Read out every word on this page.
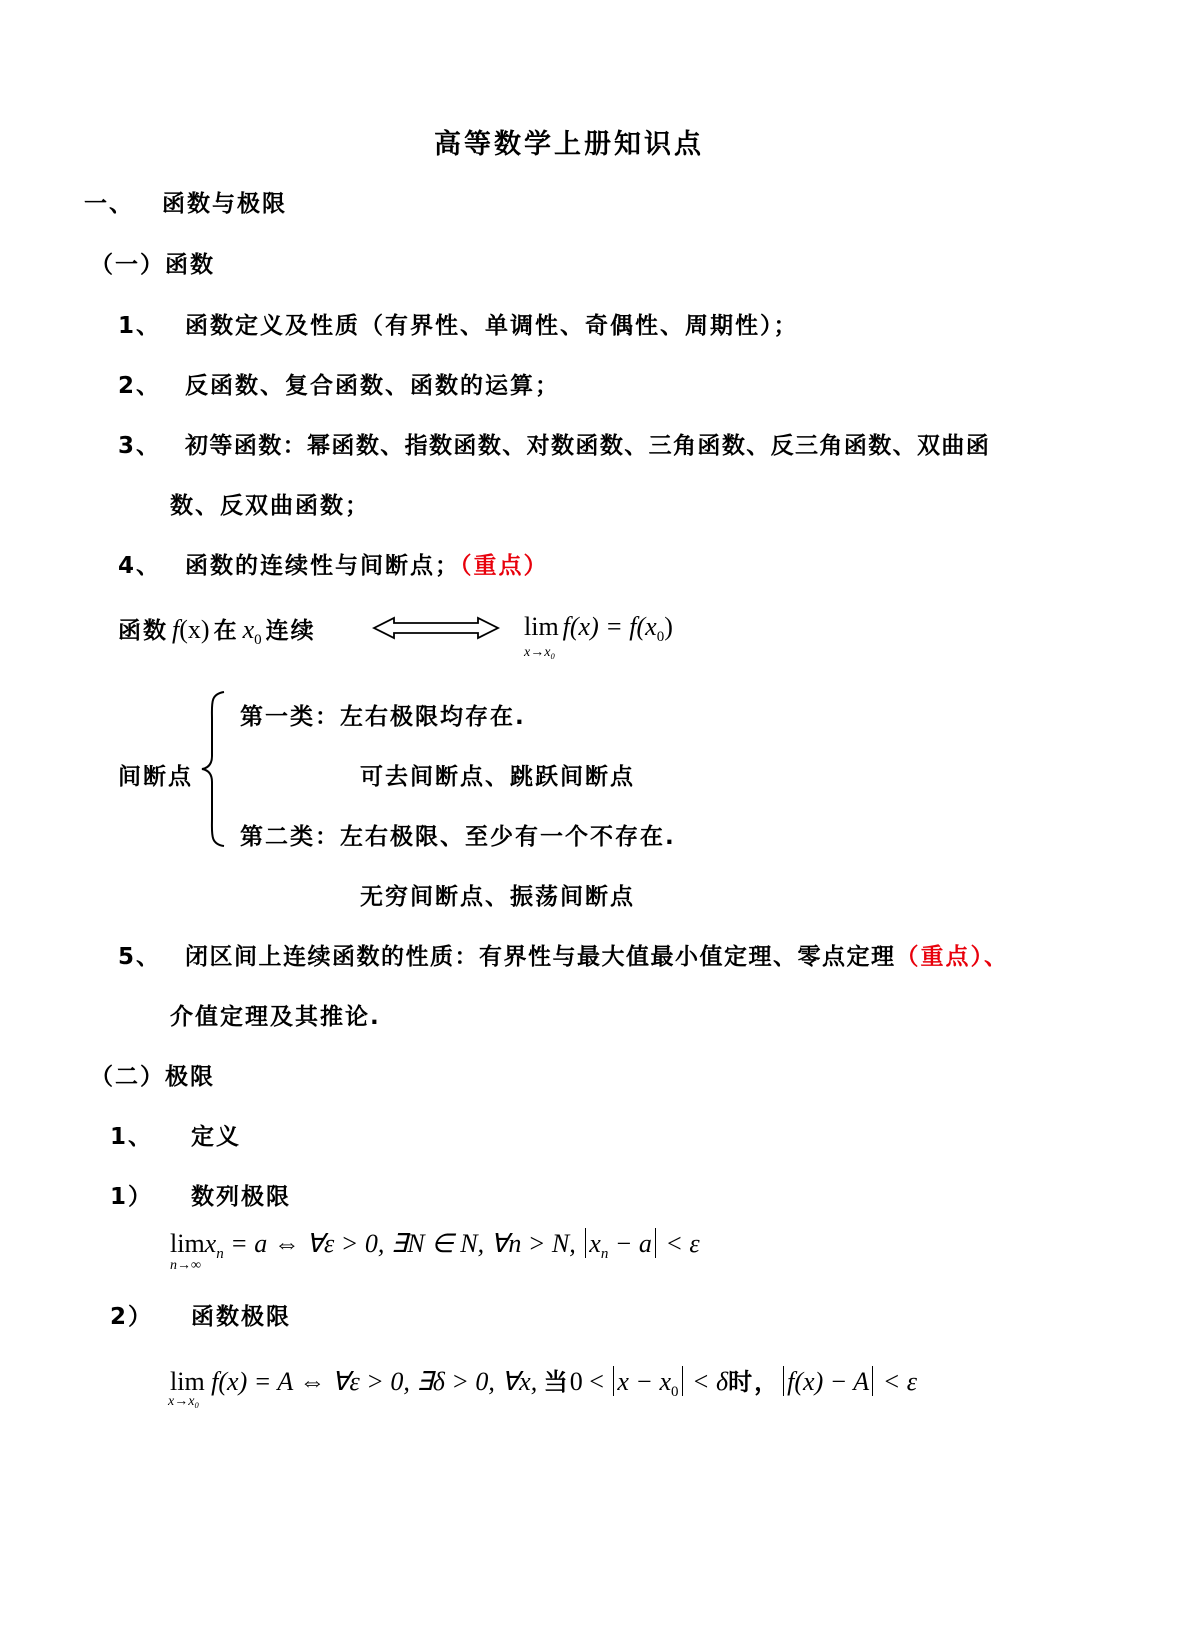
高等数学上册知识点
一、 函数与极限
（一）函数
1、 函数定义及性质（有界性、单调性、奇偶性、周期性）；
2、 反函数、复合函数、函数的运算；
3、 初等函数：幂函数、指数函数、对数函数、三角函数、反三角函数、双曲函
数、反双曲函数；
4、 函数的连续性与间断点；（重点）
函数 f(x) 在 x0 连续	$\lim f(x) = f(x_0)$
x→x₀
间断点
第一类：左右极限均存在.
可去间断点、跳跃间断点
第二类：左右极限、至少有一个不存在.
无穷间断点、振荡间断点
5、 闭区间上连续函数的性质：有界性与最大值最小值定理、零点定理（重点）、
介值定理及其推论.
（二）极限
1、 定义
1） 数列极限
limx$_n$ = a ⇔ ∀ε > 0, ∃N ∈ N, ∀n > N, $x_n - a < \varepsilon$
n→∞
2） 函数极限
lim f(x) = A ⇔ ∀ε > 0, ∃δ > 0, ∀x, 当$0 < x - x_0 < \delta$时， f(x) − A < ε
x→x₀
